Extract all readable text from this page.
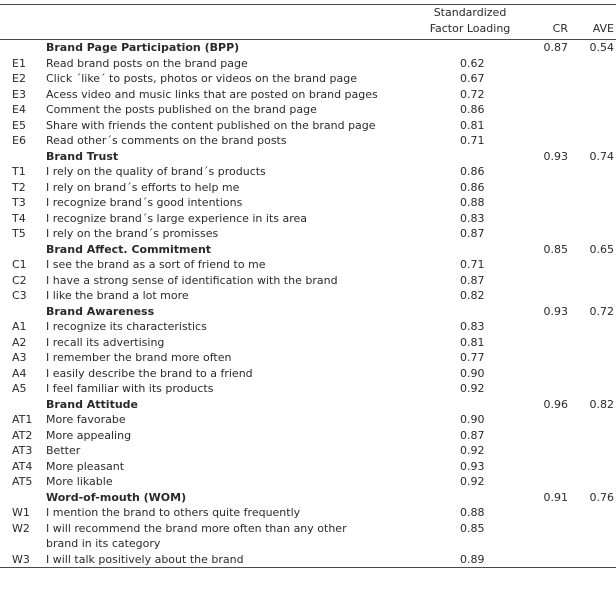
		Standardized		
		Factor Loading	CR	AVE
	Brand Page Participation (BPP)		0.87	0.54
E1	Read brand posts on the brand page	0.62		
E2	Click ´like´ to posts, photos or videos on the brand page	0.67		
E3	Acess video and music links that are posted on brand pages	0.72		
E4	Comment the posts published on the brand page	0.86		
E5	Share with friends the content published on the brand page	0.81		
E6	Read other´s comments on the brand posts	0.71		
	Brand Trust		0.93	0.74
T1	I rely on the quality of brand´s products	0.86		
T2	I rely on brand´s efforts to help me	0.86		
T3	I recognize brand´s good intentions	0.88		
T4	I recognize brand´s large experience in its area	0.83		
T5	I rely on the brand´s promisses	0.87		
	Brand Affect. Commitment		0.85	0.65
C1	I see the brand as a sort of friend to me	0.71		
C2	I have a strong sense of identification with the brand	0.87		
C3	I like the brand a lot more	0.82		
	Brand Awareness		0.93	0.72
A1	I recognize its characteristics	0.83		
A2	I recall its advertising	0.81		
A3	I remember the brand more often	0.77		
A4	I easily describe the brand to a friend	0.90		
A5	I feel familiar with its products	0.92		
	Brand Attitude		0.96	0.82
AT1	More favorabe	0.90		
AT2	More appealing	0.87		
AT3	Better	0.92		
AT4	More pleasant	0.93		
AT5	More likable	0.92		
	Word-of-mouth (WOM)		0.91	0.76
W1	I mention the brand to others quite frequently	0.88		
W2	I will recommend the brand more often than any other	0.85		
	brand in its category			
W3	I will talk positively about the brand	0.89		
